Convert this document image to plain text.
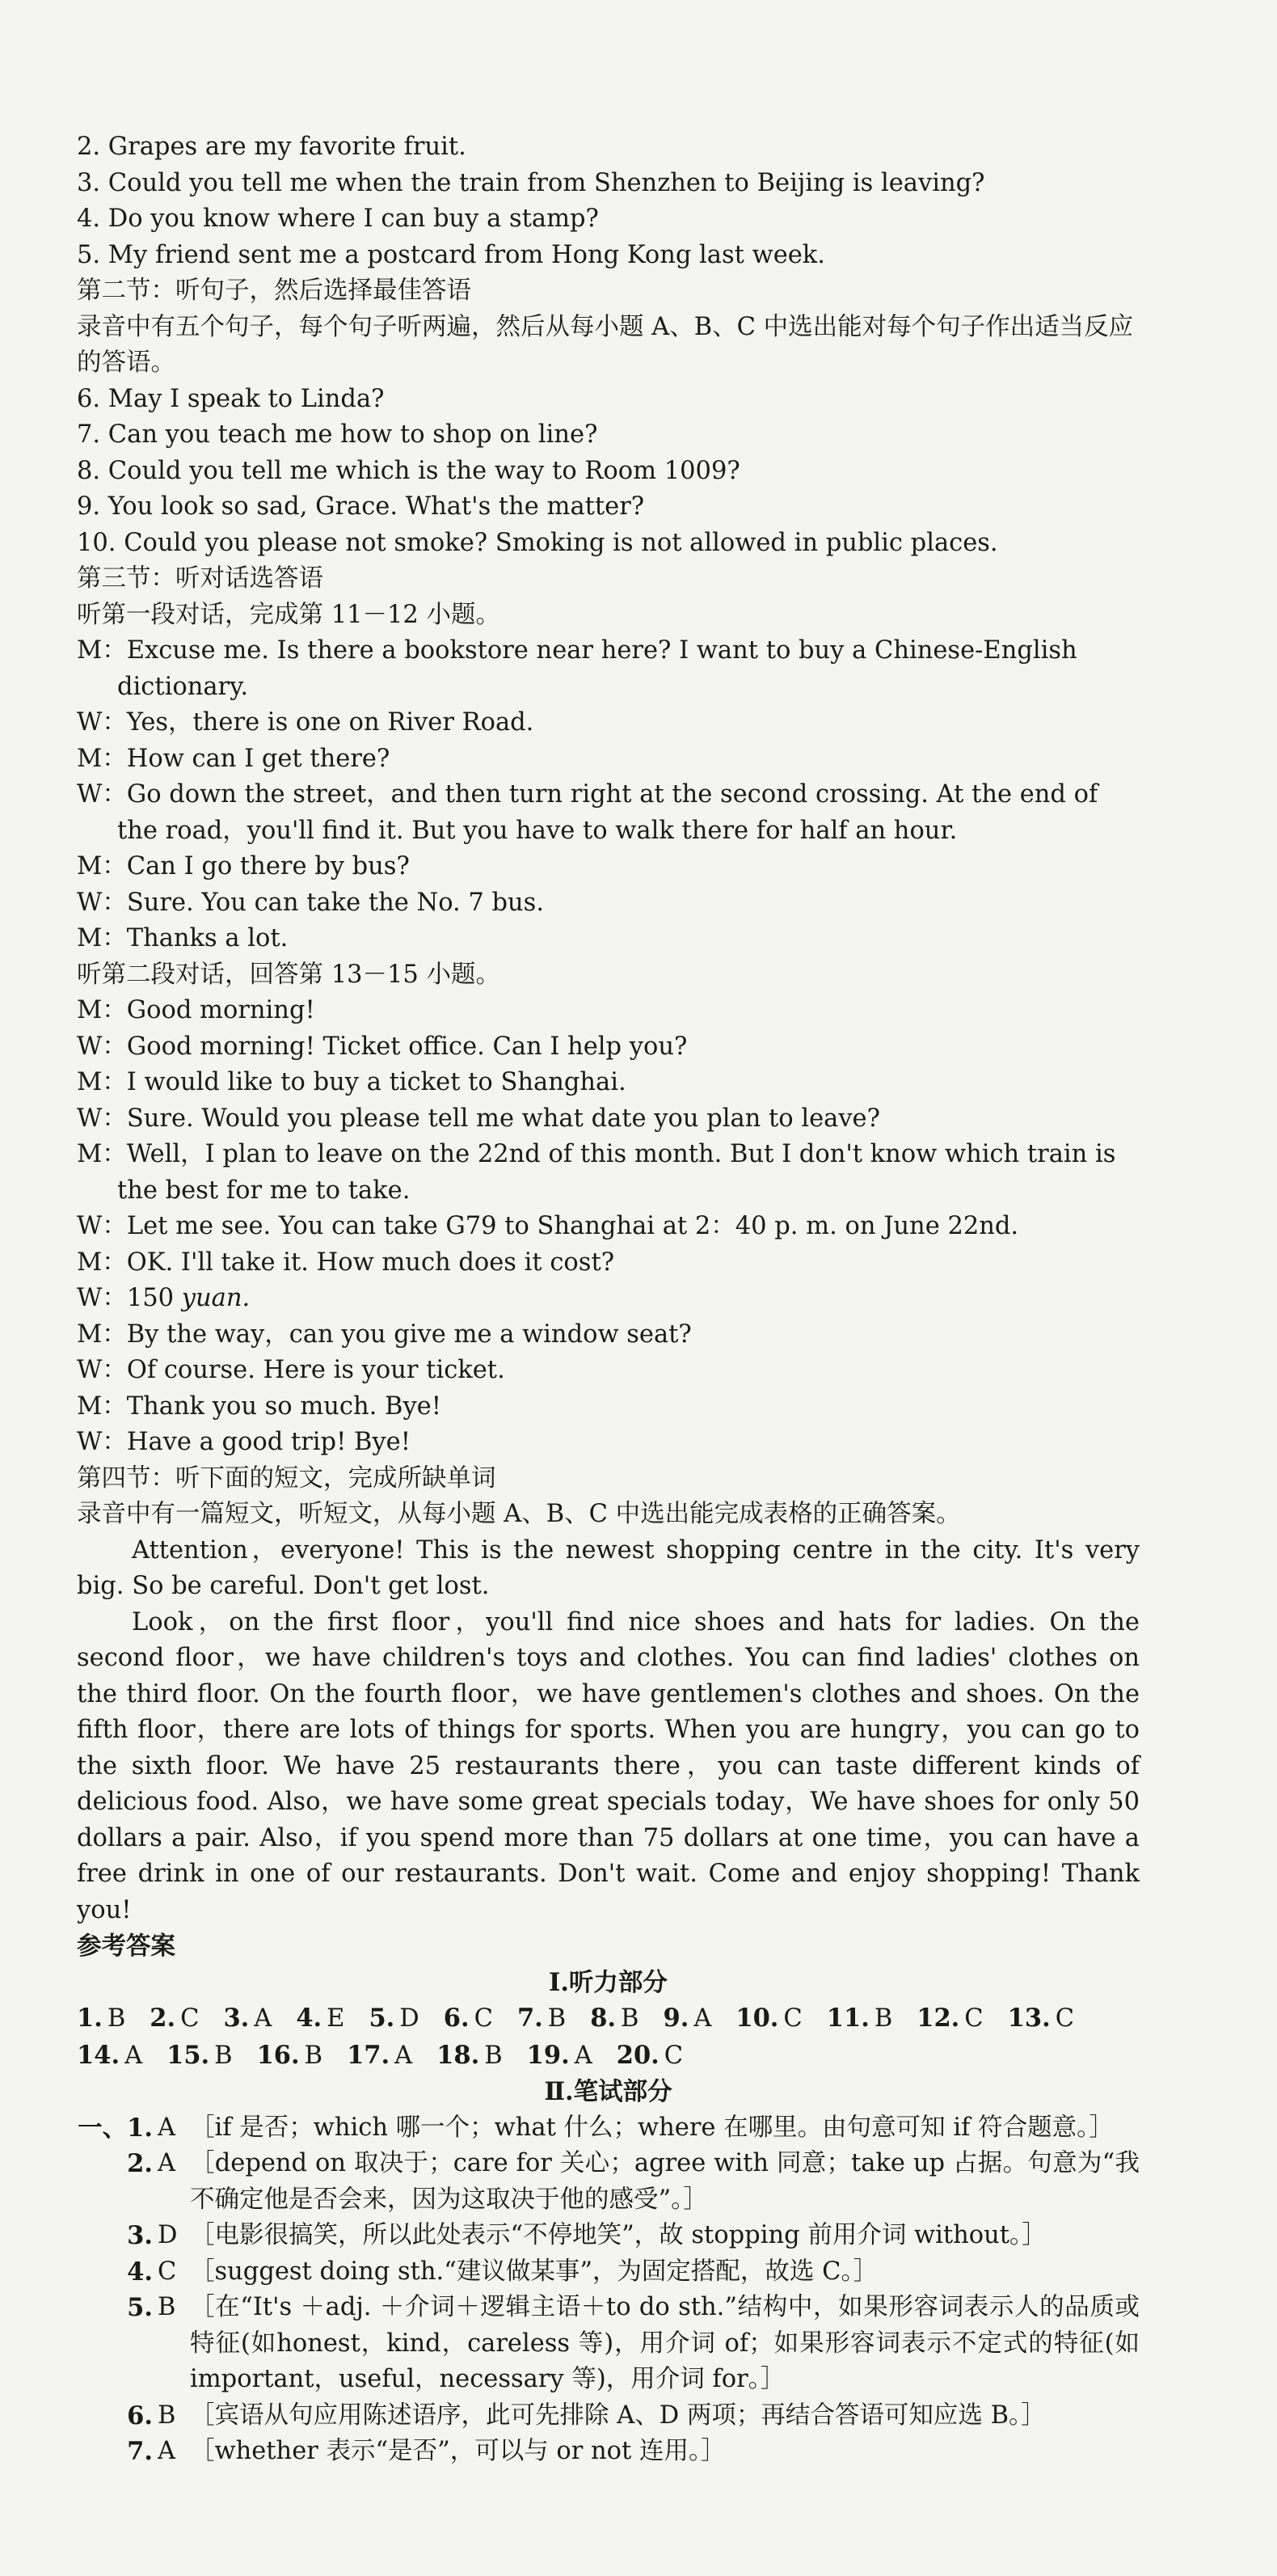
2. Grapes are my favorite fruit.
3. Could you tell me when the train from Shenzhen to Beijing is leaving?
4. Do you know where I can buy a stamp?
5. My friend sent me a postcard from Hong Kong last week.
第二节：听句子，然后选择最佳答语
录音中有五个句子，每个句子听两遍，然后从每小题 A、B、C 中选出能对每个句子作出适当反应的答语。
6. May I speak to Linda?
7. Can you teach me how to shop on line?
8. Could you tell me which is the way to Room 1009?
9. You look so sad, Grace. What's the matter?
10. Could you please not smoke? Smoking is not allowed in public places.
第三节：听对话选答语
听第一段对话，完成第 11－12 小题。
M：Excuse me. Is there a bookstore near here? I want to buy a Chinese-English dictionary.
W：Yes，there is one on River Road.
M：How can I get there?
W：Go down the street，and then turn right at the second crossing. At the end of the road，you'll find it. But you have to walk there for half an hour.
M：Can I go there by bus?
W：Sure. You can take the No. 7 bus.
M：Thanks a lot.
听第二段对话，回答第 13－15 小题。
M：Good morning!
W：Good morning! Ticket office. Can I help you?
M：I would like to buy a ticket to Shanghai.
W：Sure. Would you please tell me what date you plan to leave?
M：Well，I plan to leave on the 22nd of this month. But I don't know which train is the best for me to take.
W：Let me see. You can take G79 to Shanghai at 2：40 p. m. on June 22nd.
M：OK. I'll take it. How much does it cost?
W：150 yuan.
M：By the way，can you give me a window seat?
W：Of course. Here is your ticket.
M：Thank you so much. Bye!
W：Have a good trip! Bye!
第四节：听下面的短文，完成所缺单词
录音中有一篇短文，听短文，从每小题 A、B、C 中选出能完成表格的正确答案。
Attention，everyone! This is the newest shopping centre in the city. It's very big. So be careful. Don't get lost.
Look，on the first floor，you'll find nice shoes and hats for ladies. On the second floor，we have children's toys and clothes. You can find ladies' clothes on the third floor. On the fourth floor，we have gentlemen's clothes and shoes. On the fifth floor，there are lots of things for sports. When you are hungry，you can go to the sixth floor. We have 25 restaurants there，you can taste different kinds of delicious food. Also，we have some great specials today，We have shoes for only 50 dollars a pair. Also，if you spend more than 75 dollars at one time，you can have a free drink in one of our restaurants. Don't wait. Come and enjoy shopping! Thank you!
参考答案
Ⅰ.听力部分
1. B 2. C 3. A 4. E 5. D 6. C 7. B 8. B 9. A 10. C 11. B 12. C 13. C
14. A 15. B 16. B 17. A 18. B 19. A 20. C
Ⅱ.笔试部分
一、1. A ［if 是否；which 哪一个；what 什么；where 在哪里。由句意可知 if 符合题意。］
2. A ［depend on 取决于；care for 关心；agree with 同意；take up 占据。句意为“我不确定他是否会来，因为这取决于他的感受”。］
3. D ［电影很搞笑，所以此处表示“不停地笑”，故 stopping 前用介词 without。］
4. C ［suggest doing sth.“建议做某事”，为固定搭配，故选 C。］
5. B ［在“It's ＋adj. ＋介词＋逻辑主语＋to do sth.”结构中，如果形容词表示人的品质或特征(如honest，kind，careless 等)，用介词 of；如果形容词表示不定式的特征(如important，useful，necessary 等)，用介词 for。］
6. B ［宾语从句应用陈述语序，此可先排除 A、D 两项；再结合答语可知应选 B。］
7. A ［whether 表示“是否”，可以与 or not 连用。］
